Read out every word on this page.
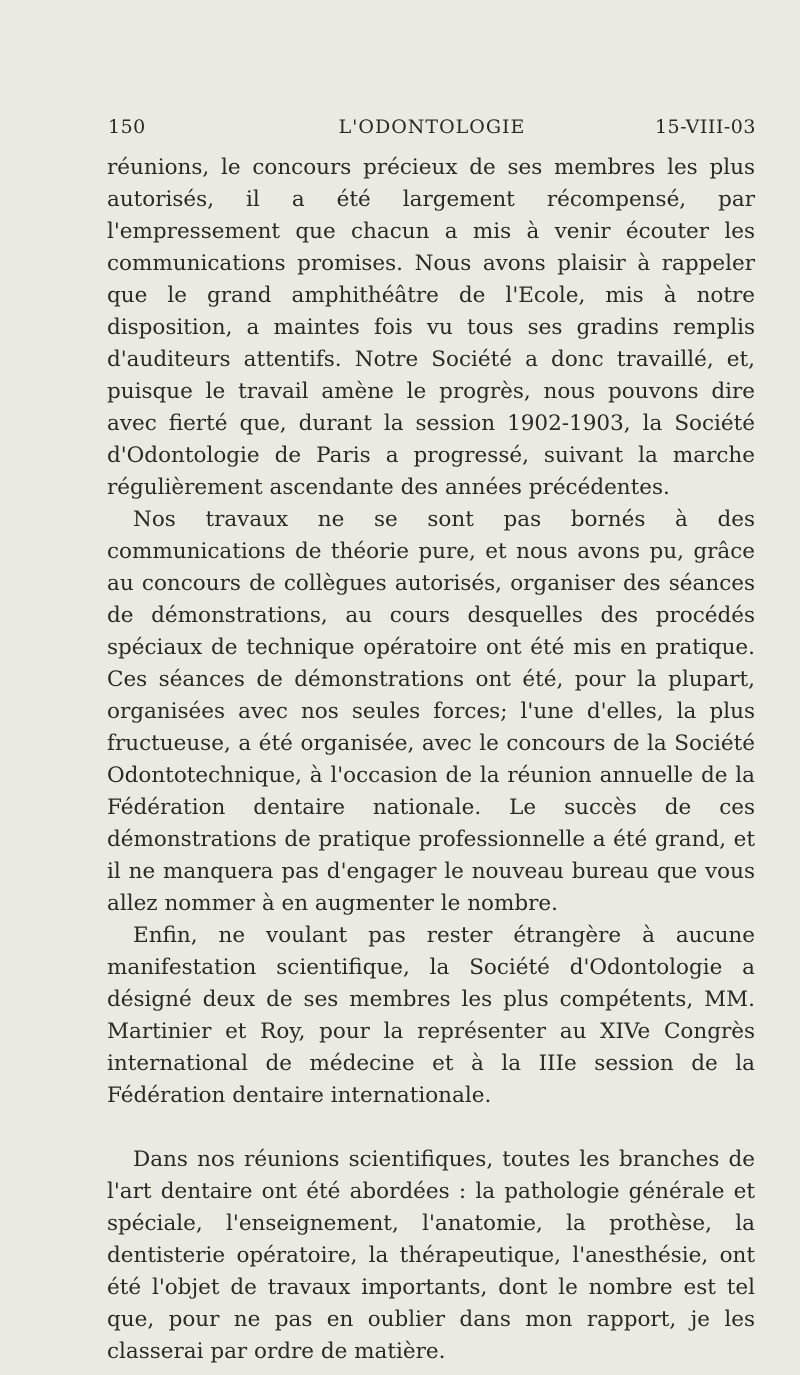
150	L'ODONTOLOGIE	15-VIII-03

réunions, le concours précieux de ses membres les plus autorisés, il a été largement récompensé, par l'empressement que chacun a mis à venir écouter les communications promises. Nous avons plaisir à rappeler que le grand amphithéâtre de l'Ecole, mis à notre disposition, a maintes fois vu tous ses gradins remplis d'auditeurs attentifs. Notre Société a donc travaillé, et, puisque le travail amène le progrès, nous pouvons dire avec fierté que, durant la session 1902-1903, la Société d'Odontologie de Paris a progressé, suivant la marche régulièrement ascendante des années précédentes.

Nos travaux ne se sont pas bornés à des communications de théorie pure, et nous avons pu, grâce au concours de collègues autorisés, organiser des séances de démonstrations, au cours desquelles des procédés spéciaux de technique opératoire ont été mis en pratique. Ces séances de démonstrations ont été, pour la plupart, organisées avec nos seules forces; l'une d'elles, la plus fructueuse, a été organisée, avec le concours de la Société Odontotechnique, à l'occasion de la réunion annuelle de la Fédération dentaire nationale. Le succès de ces démonstrations de pratique professionnelle a été grand, et il ne manquera pas d'engager le nouveau bureau que vous allez nommer à en augmenter le nombre.

Enfin, ne voulant pas rester étrangère à aucune manifestation scientifique, la Société d'Odontologie a désigné deux de ses membres les plus compétents, MM. Martinier et Roy, pour la représenter au XIVe Congrès international de médecine et à la IIIe session de la Fédération dentaire internationale.

Dans nos réunions scientifiques, toutes les branches de l'art dentaire ont été abordées : la pathologie générale et spéciale, l'enseignement, l'anatomie, la prothèse, la dentisterie opératoire, la thérapeutique, l'anesthésie, ont été l'objet de travaux importants, dont le nombre est tel que, pour ne pas en oublier dans mon rapport, je les classerai par ordre de matière.
